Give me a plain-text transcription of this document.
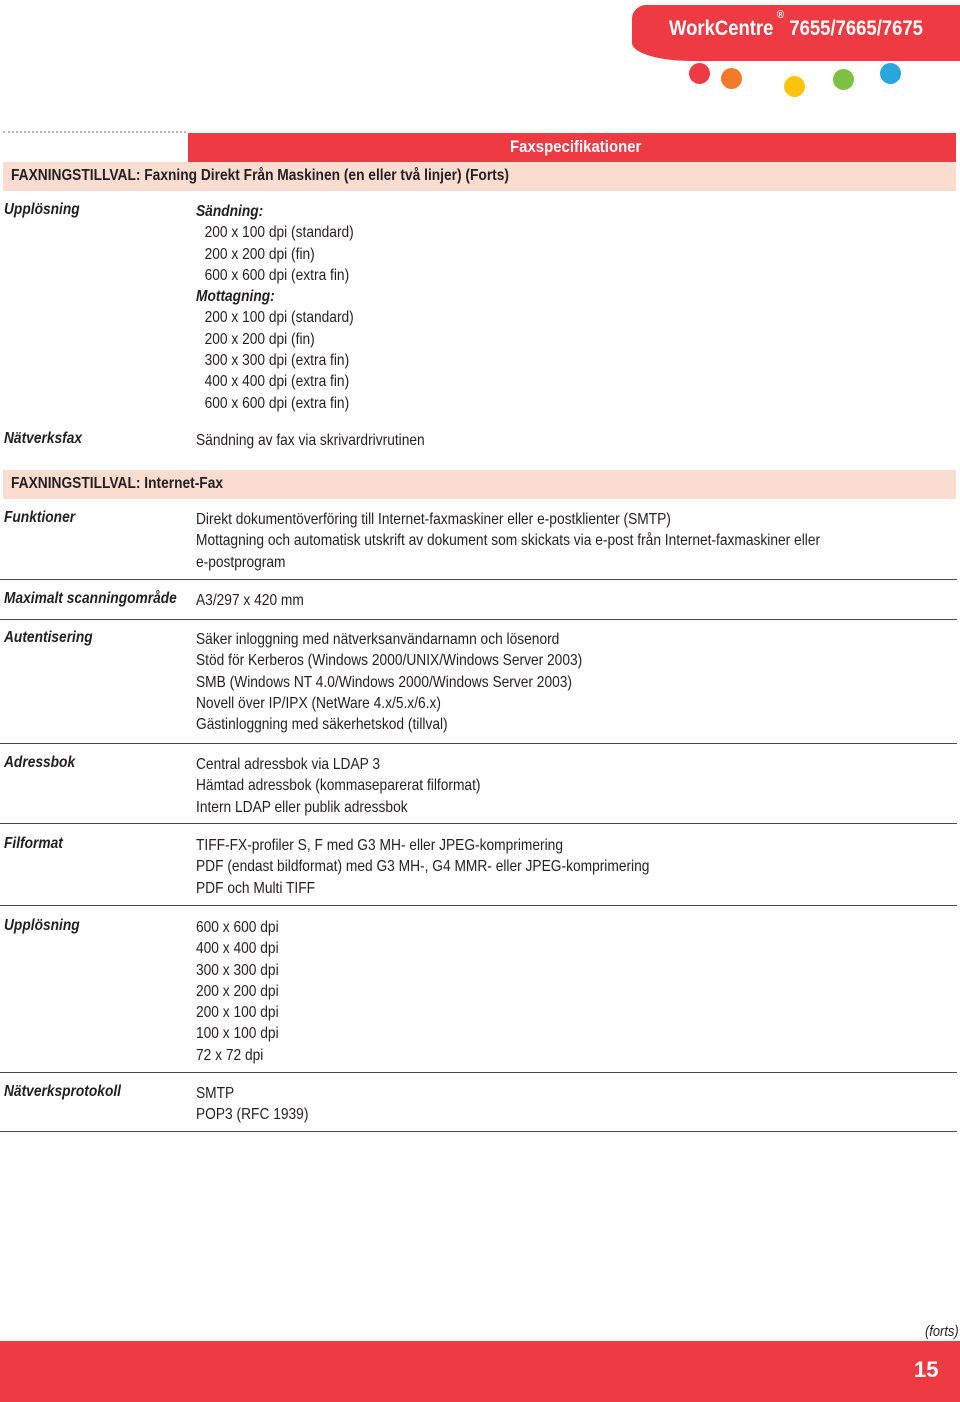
WorkCentre®7655/7665/7675
Faxspecifikationer
FAXNINGSTILLVAL: Faxning Direkt Från Maskinen (en eller två linjer) (Forts)
Upplösning	Sändning:
200 x 100 dpi (standard)
200 x 200 dpi (fin)
600 x 600 dpi (extra fin)
Mottagning:
200 x 100 dpi (standard)
200 x 200 dpi (fin)
300 x 300 dpi (extra fin)
400 x 400 dpi (extra fin)
600 x 600 dpi (extra fin)
Nätverksfax	Sändning av fax via skrivardrivrutinen
FAXNINGSTILLVAL: Internet-Fax
Funktioner	Direkt dokumentöverföring till Internet-faxmaskiner eller e-postklienter (SMTP)
Mottagning och automatisk utskrift av dokument som skickats via e-post från Internet-faxmaskiner eller
e-postprogram
Maximalt scanningområde A3/297 x 420 mm
Autentisering	Säker inloggning med nätverksanvändarnamn och lösenord
Stöd för Kerberos (Windows 2000/UNIX/Windows Server 2003)
SMB (Windows NT 4.0/Windows 2000/Windows Server 2003)
Novell över IP/IPX (NetWare 4.x/5.x/6.x)
Gästinloggning med säkerhetskod (tillval)
Adressbok	Central adressbok via LDAP 3
Hämtad adressbok (kommaseparerat filformat)
Intern LDAP eller publik adressbok
Filformat	TIFF-FX-profiler S, F med G3 MH- eller JPEG-komprimering
PDF (endast bildformat) med G3 MH-, G4 MMR- eller JPEG-komprimering
PDF och Multi TIFF
Upplösning	600 x 600 dpi
400 x 400 dpi
300 x 300 dpi
200 x 200 dpi
200 x 100 dpi
100 x 100 dpi
72 x 72 dpi
Nätverksprotokoll	SMTP
POP3 (RFC 1939)
(forts)
15
